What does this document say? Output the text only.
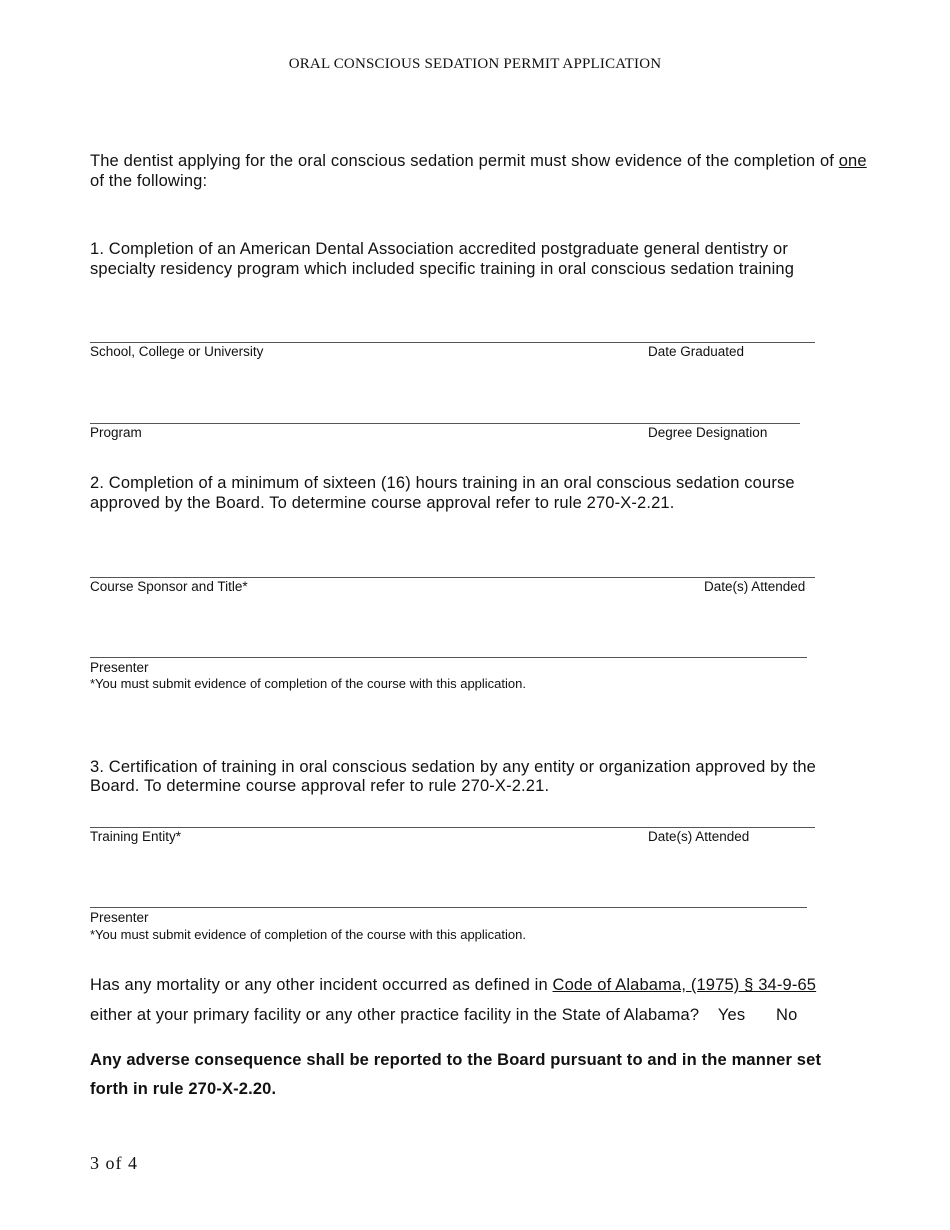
ORAL CONSCIOUS SEDATION PERMIT APPLICATION
The dentist applying for the oral conscious sedation permit must show evidence of the completion of one of the following:
1. Completion of an American Dental Association accredited postgraduate general dentistry or
specialty residency program which included specific training in oral conscious sedation training
School, College or University	Date Graduated
Program	Degree Designation
2. Completion of a minimum of sixteen (16) hours training in an oral conscious sedation course
approved by the Board. To determine course approval refer to rule 270-X-2.21.
Course Sponsor and Title*	Date(s) Attended
Presenter
*You must submit evidence of completion of the course with this application.
3. Certification of training in oral conscious sedation by any entity or organization approved by the
Board. To determine course approval refer to rule 270-X-2.21.
Training Entity*	Date(s) Attended
Presenter
*You must submit evidence of completion of the course with this application.
Has any mortality or any other incident occurred as defined in Code of Alabama, (1975) § 34-9-65
either at your primary facility or any other practice facility in the State of Alabama? Yes No
Any adverse consequence shall be reported to the Board pursuant to and in the manner set
forth in rule 270-X-2.20.
3 of 4
